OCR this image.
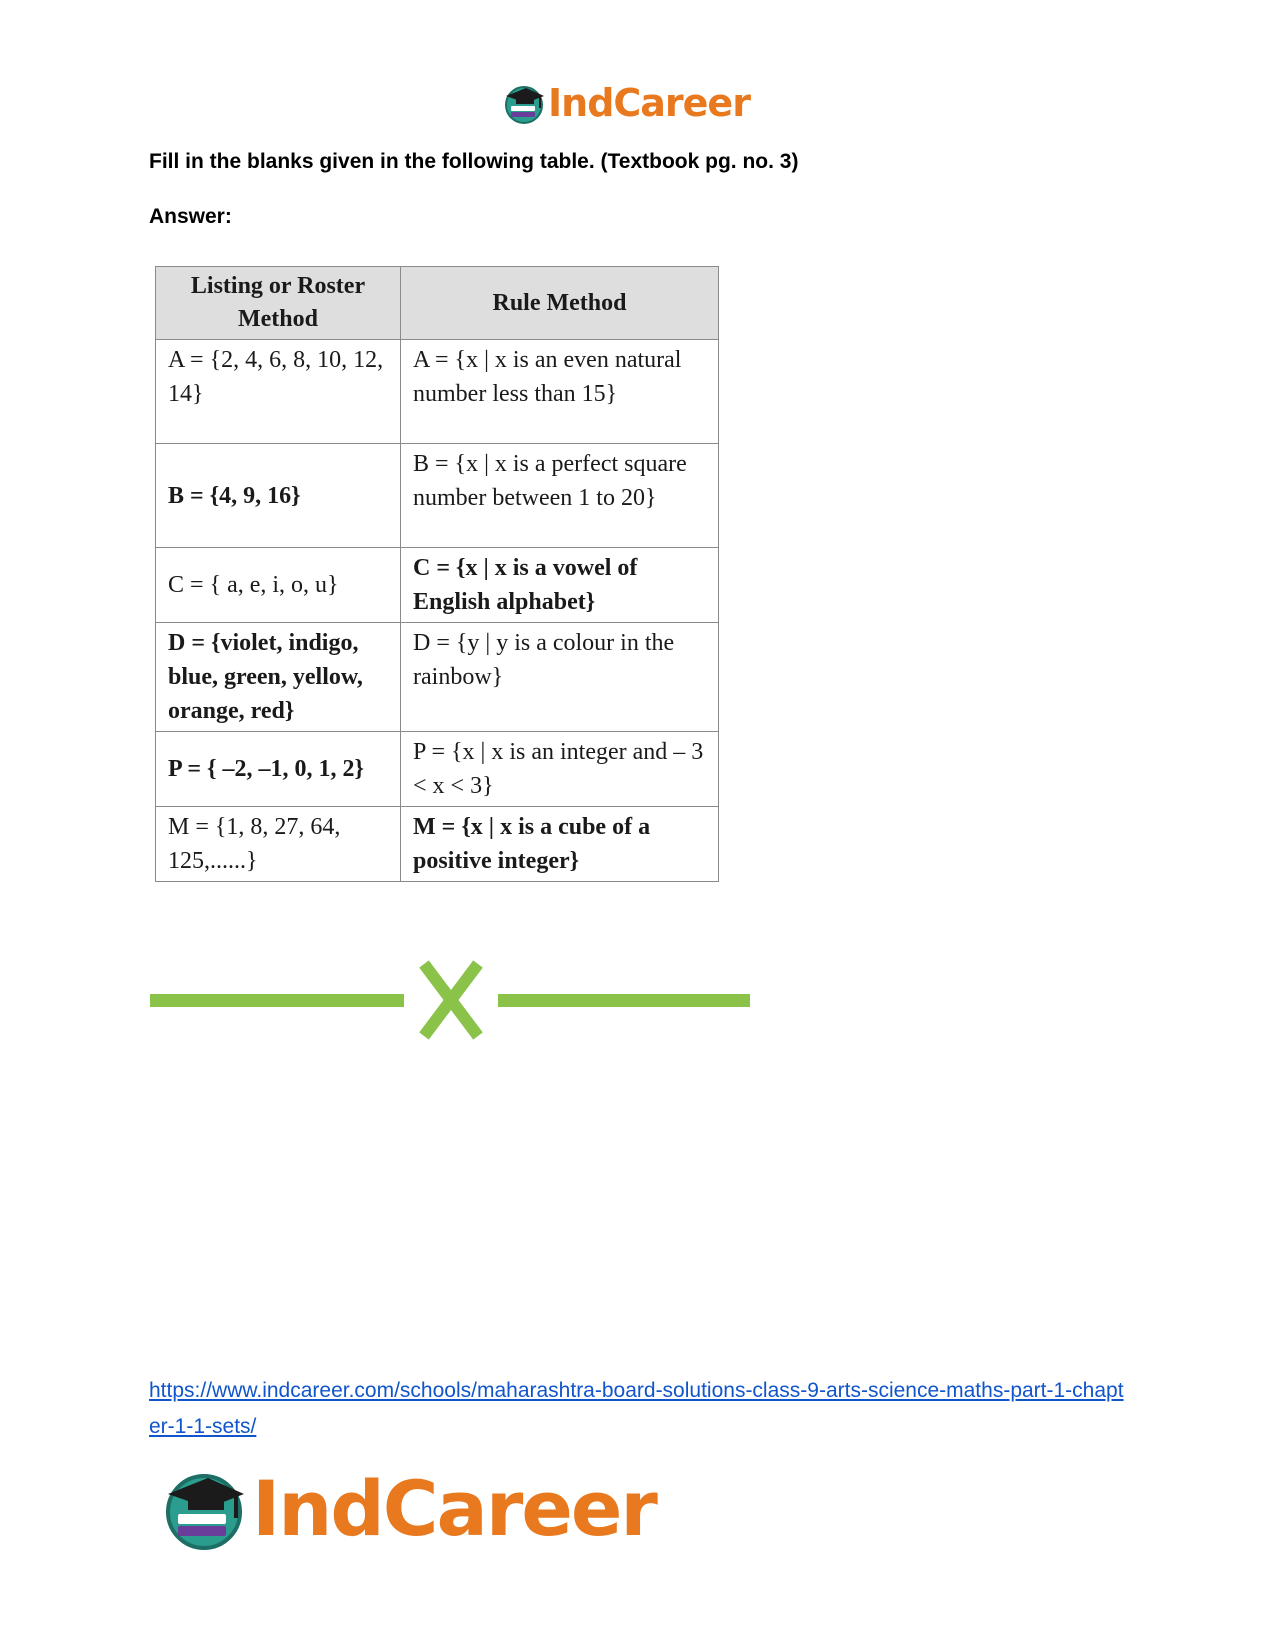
IndCareer
Fill in the blanks given in the following table. (Textbook pg. no. 3)
Answer:
Listing or Roster Method	Rule Method
A = {2, 4, 6, 8, 10, 12, 14}	A = {x | x is an even natural number less than 15}
B = {4, 9, 16}	B = {x | x is a perfect square number between 1 to 20}
C = { a, e, i, o, u}	C = {x | x is a vowel of English alphabet}
D = {violet, indigo, blue, green, yellow, orange, red}	D = {y | y is a colour in the rainbow}
P = { –2, –1, 0, 1, 2}	P = {x | x is an integer and – 3 < x < 3}
M = {1, 8, 27, 64, 125,......}	M = {x | x is a cube of a positive integer}
https://www.indcareer.com/schools/maharashtra-board-solutions-class-9-arts-science-maths-part-1-chapter-1-1-sets/
IndCareer
